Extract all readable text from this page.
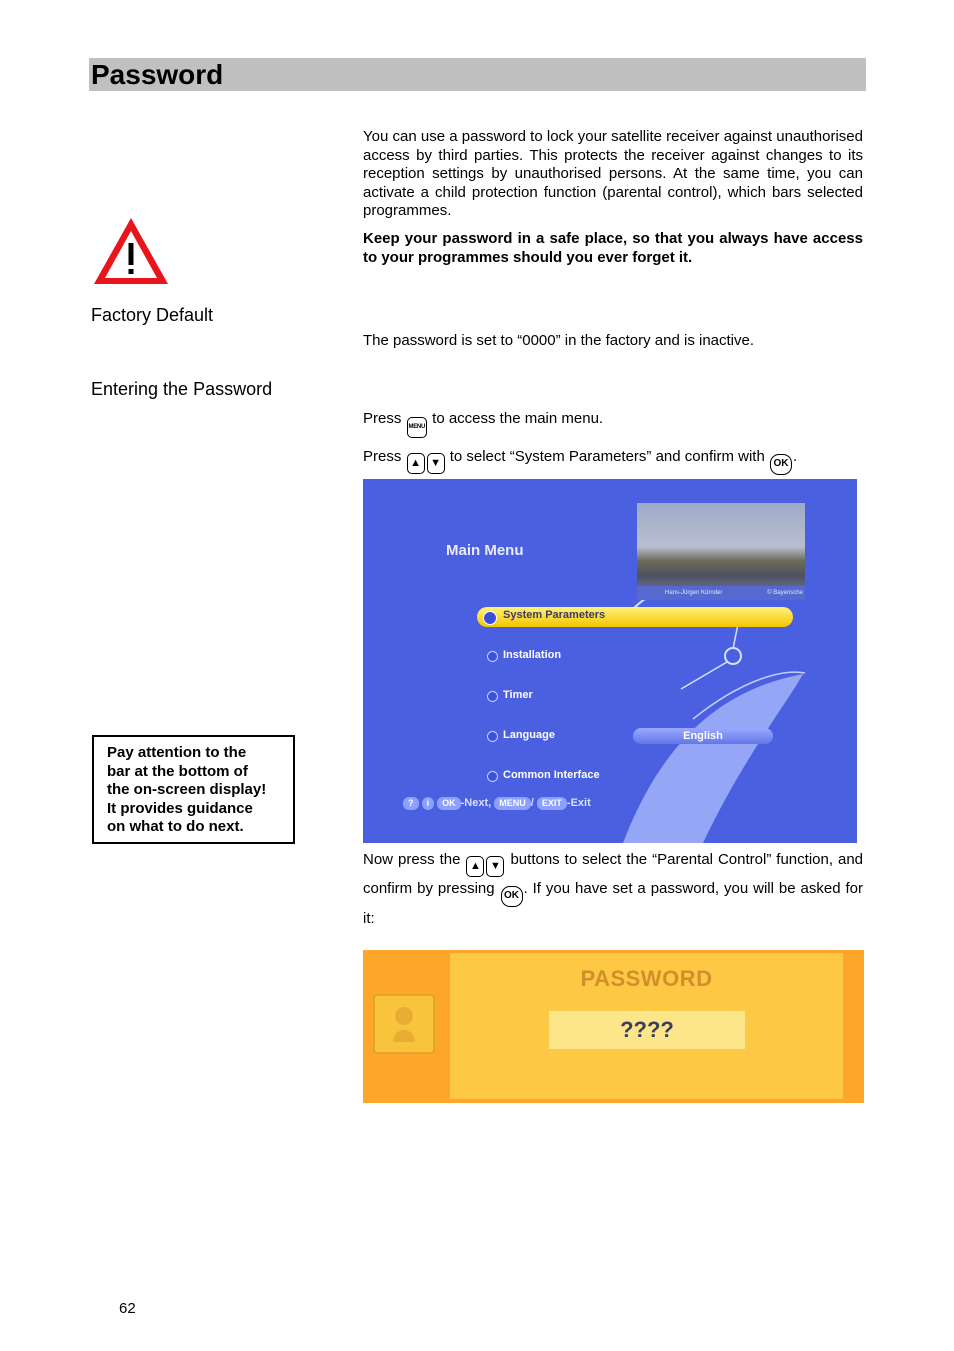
Password
You can use a password to lock your satellite receiver against unauthorised access by third parties. This protects the receiver against changes to its reception settings by unauthorised persons. At the same time, you can activate a child protection function (parental control), which bars selected programmes.
Keep your password in a safe place, so that you always have access to your programmes should you ever forget it.
Factory Default
The password is set to “0000” in the factory and is inactive.
Entering the Password
Press MENU to access the main menu.
Press ▲ ▼ to select “System Parameters” and confirm with OK .
Main Menu
Hans-Jürgen Kürnder	© Bayerische
System Parameters
Installation
Timer
Language	English
Common Interface
? i OK -Next, MENU / EXIT -Exit
Now press the ▲ ▼ buttons to select the “Parental Control” function, and confirm by pressing OK . If you have set a password, you will be asked for it:
Pay attention to the
bar at the bottom of
the on-screen display!
It provides guidance
on what to do next.
PASSWORD
????
62
